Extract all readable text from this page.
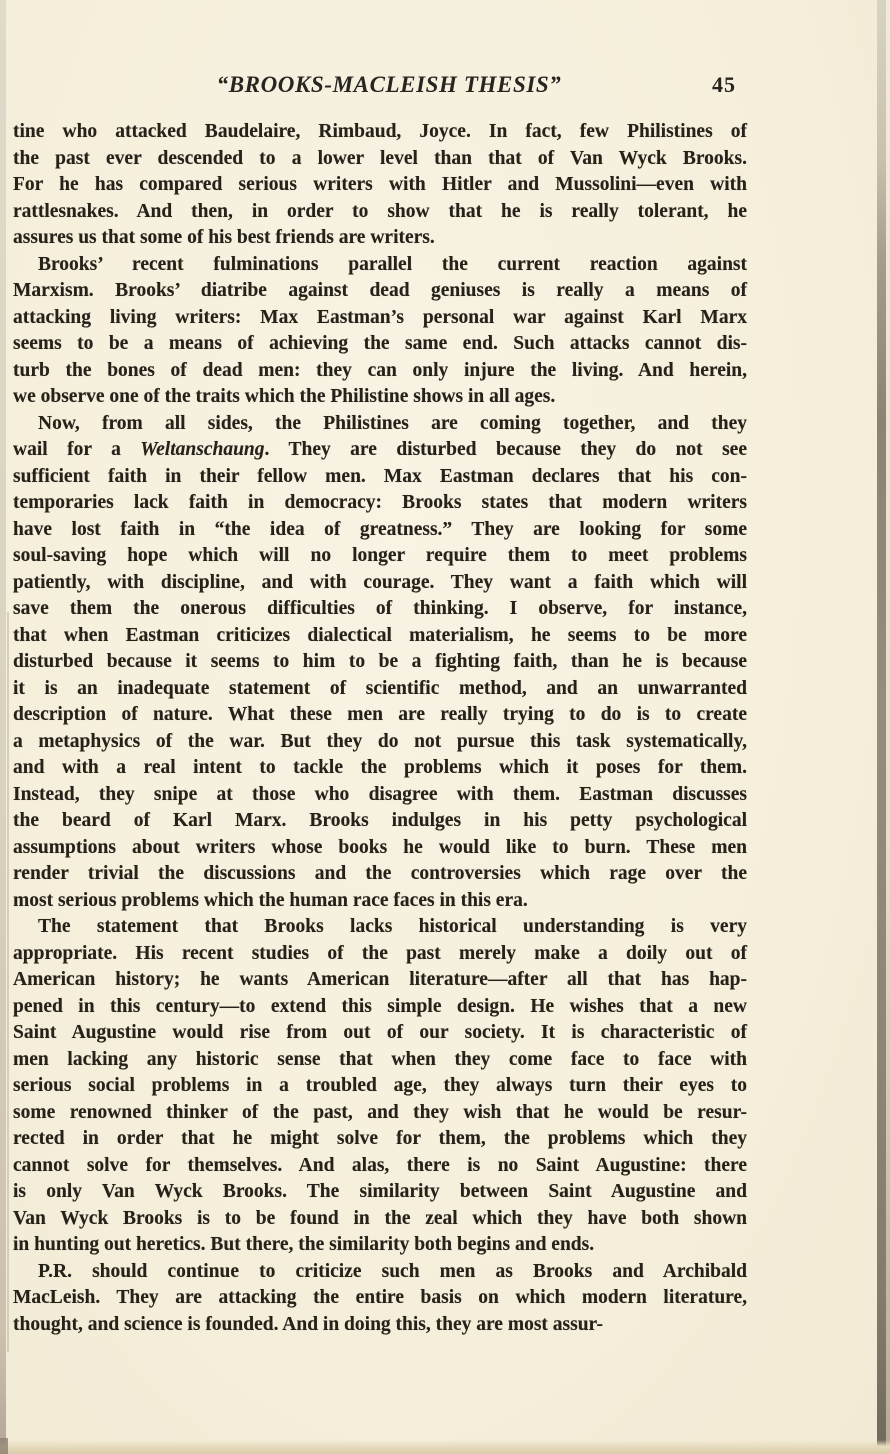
“BROOKS-MACLEISH THESIS”	45
tine who attacked Baudelaire, Rimbaud, Joyce. In fact, few Philistines of
the past ever descended to a lower level than that of Van Wyck Brooks.
For he has compared serious writers with Hitler and Mussolini—even with
rattlesnakes. And then, in order to show that he is really tolerant, he
assures us that some of his best friends are writers.
Brooks’ recent fulminations parallel the current reaction against
Marxism. Brooks’ diatribe against dead geniuses is really a means of
attacking living writers: Max Eastman’s personal war against Karl Marx
seems to be a means of achieving the same end. Such attacks cannot dis-
turb the bones of dead men: they can only injure the living. And herein,
we observe one of the traits which the Philistine shows in all ages.
Now, from all sides, the Philistines are coming together, and they
wail for a Weltanschaung. They are disturbed because they do not see
sufficient faith in their fellow men. Max Eastman declares that his con-
temporaries lack faith in democracy: Brooks states that modern writers
have lost faith in “the idea of greatness.” They are looking for some
soul-saving hope which will no longer require them to meet problems
patiently, with discipline, and with courage. They want a faith which will
save them the onerous difficulties of thinking. I observe, for instance,
that when Eastman criticizes dialectical materialism, he seems to be more
disturbed because it seems to him to be a fighting faith, than he is because
it is an inadequate statement of scientific method, and an unwarranted
description of nature. What these men are really trying to do is to create
a metaphysics of the war. But they do not pursue this task systematically,
and with a real intent to tackle the problems which it poses for them.
Instead, they snipe at those who disagree with them. Eastman discusses
the beard of Karl Marx. Brooks indulges in his petty psychological
assumptions about writers whose books he would like to burn. These men
render trivial the discussions and the controversies which rage over the
most serious problems which the human race faces in this era.
The statement that Brooks lacks historical understanding is very
appropriate. His recent studies of the past merely make a doily out of
American history; he wants American literature—after all that has hap-
pened in this century—to extend this simple design. He wishes that a new
Saint Augustine would rise from out of our society. It is characteristic of
men lacking any historic sense that when they come face to face with
serious social problems in a troubled age, they always turn their eyes to
some renowned thinker of the past, and they wish that he would be resur-
rected in order that he might solve for them, the problems which they
cannot solve for themselves. And alas, there is no Saint Augustine: there
is only Van Wyck Brooks. The similarity between Saint Augustine and
Van Wyck Brooks is to be found in the zeal which they have both shown
in hunting out heretics. But there, the similarity both begins and ends.
P.R. should continue to criticize such men as Brooks and Archibald
MacLeish. They are attacking the entire basis on which modern literature,
thought, and science is founded. And in doing this, they are most assur-
